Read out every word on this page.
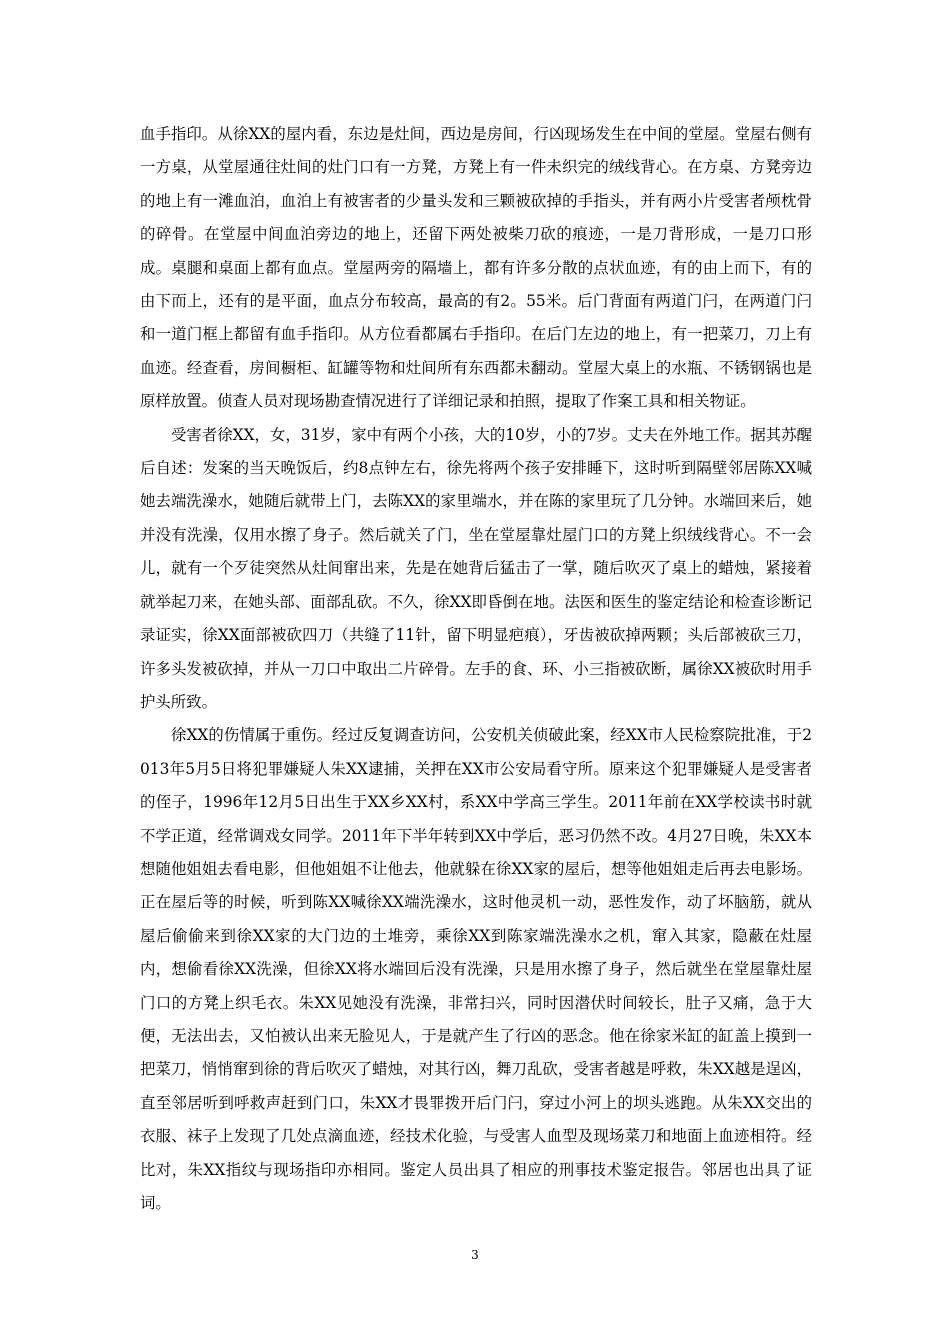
血手指印。从徐XX的屋内看，东边是灶间，西边是房间，行凶现场发生在中间的堂屋。堂屋右侧有一方桌，从堂屋通往灶间的灶门口有一方凳，方凳上有一件未织完的绒线背心。在方桌、方凳旁边的地上有一滩血泊，血泊上有被害者的少量头发和三颗被砍掉的手指头，并有两小片受害者颅枕骨的碎骨。在堂屋中间血泊旁边的地上，还留下两处被柴刀砍的痕迹，一是刀背形成，一是刀口形成。桌腿和桌面上都有血点。堂屋两旁的隔墙上，都有许多分散的点状血迹，有的由上而下，有的由下而上，还有的是平面，血点分布较高，最高的有2。55米。后门背面有两道门闩，在两道门闩和一道门框上都留有血手指印。从方位看都属右手指印。在后门左边的地上，有一把菜刀，刀上有血迹。经查看，房间橱柜、缸罐等物和灶间所有东西都未翻动。堂屋大桌上的水瓶、不锈钢锅也是原样放置。侦查人员对现场勘查情况进行了详细记录和拍照，提取了作案工具和相关物证。

受害者徐XX，女，31岁，家中有两个小孩，大的10岁，小的7岁。丈夫在外地工作。据其苏醒后自述：发案的当天晚饭后，约8点钟左右，徐先将两个孩子安排睡下，这时听到隔壁邻居陈XX喊她去端洗澡水，她随后就带上门，去陈XX的家里端水，并在陈的家里玩了几分钟。水端回来后，她并没有洗澡，仅用水擦了身子。然后就关了门，坐在堂屋靠灶屋门口的方凳上织绒线背心。不一会儿，就有一个歹徒突然从灶间窜出来，先是在她背后猛击了一掌，随后吹灭了桌上的蜡烛，紧接着就举起刀来，在她头部、面部乱砍。不久，徐XX即昏倒在地。法医和医生的鉴定结论和检查诊断记录证实，徐XX面部被砍四刀（共缝了11针，留下明显疤痕），牙齿被砍掉两颗；头后部被砍三刀，许多头发被砍掉，并从一刀口中取出二片碎骨。左手的食、环、小三指被砍断，属徐XX被砍时用手护头所致。

徐XX的伤情属于重伤。经过反复调查访问，公安机关侦破此案，经XX市人民检察院批准，于2013年5月5日将犯罪嫌疑人朱XX逮捕，关押在XX市公安局看守所。原来这个犯罪嫌疑人是受害者的侄子，1996年12月5日出生于XX乡XX村，系XX中学高三学生。2011年前在XX学校读书时就不学正道，经常调戏女同学。2011年下半年转到XX中学后，恶习仍然不改。4月27日晚，朱XX本想随他姐姐去看电影，但他姐姐不让他去，他就躲在徐XX家的屋后，想等他姐姐走后再去电影场。正在屋后等的时候，听到陈XX喊徐XX端洗澡水，这时他灵机一动，恶性发作，动了坏脑筋，就从屋后偷偷来到徐XX家的大门边的土堆旁，乘徐XX到陈家端洗澡水之机，窜入其家，隐蔽在灶屋内，想偷看徐XX洗澡，但徐XX将水端回后没有洗澡，只是用水擦了身子，然后就坐在堂屋靠灶屋门口的方凳上织毛衣。朱XX见她没有洗澡，非常扫兴，同时因潜伏时间较长，肚子又痛，急于大便，无法出去，又怕被认出来无脸见人，于是就产生了行凶的恶念。他在徐家米缸的缸盖上摸到一把菜刀，悄悄窜到徐的背后吹灭了蜡烛，对其行凶，舞刀乱砍，受害者越是呼救，朱XX越是逞凶，直至邻居听到呼救声赶到门口，朱XX才畏罪拨开后门闩，穿过小河上的坝头逃跑。从朱XX交出的衣服、袜子上发现了几处点滴血迹，经技术化验，与受害人血型及现场菜刀和地面上血迹相符。经比对，朱XX指纹与现场指印亦相同。鉴定人员出具了相应的刑事技术鉴定报告。邻居也出具了证词。

3
